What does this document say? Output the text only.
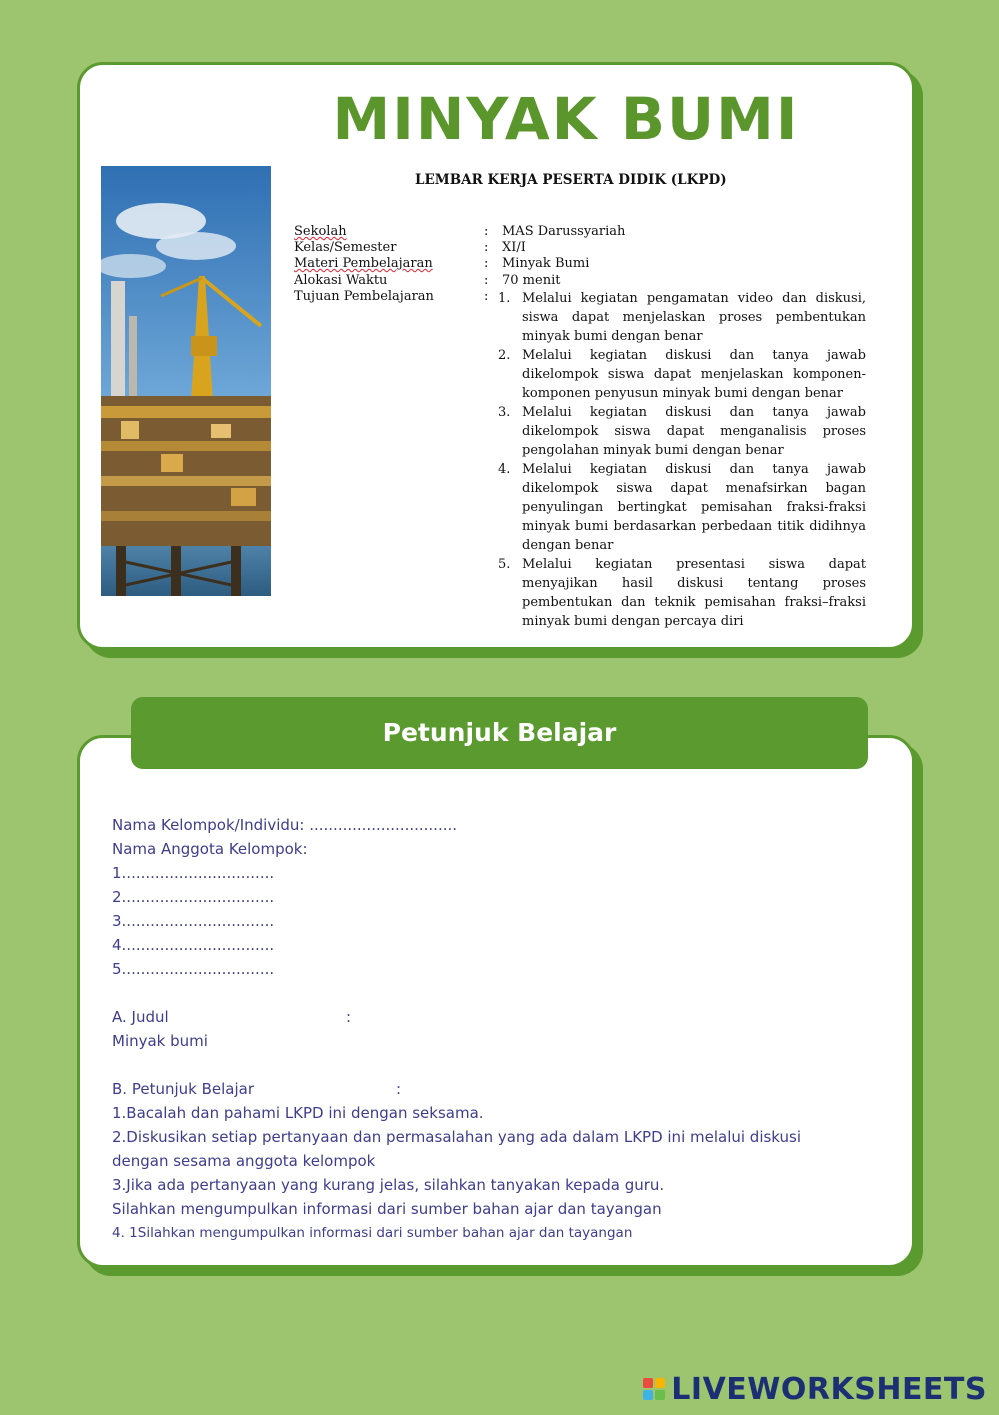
MINYAK BUMI
LEMBAR KERJA PESERTA DIDIK (LKPD)
Sekolah	: MAS Darussyariah
Kelas/Semester	: XI/I
Materi Pembelajaran	: Minyak Bumi
Alokasi Waktu	: 70 menit
Tujuan Pembelajaran	: 1. Melalui kegiatan pengamatan video dan diskusi, siswa dapat menjelaskan proses pembentukan minyak bumi dengan benar
2. Melalui kegiatan diskusi dan tanya jawab dikelompok siswa dapat menjelaskan komponen-komponen penyusun minyak bumi dengan benar
3. Melalui kegiatan diskusi dan tanya jawab dikelompok siswa dapat menganalisis proses pengolahan minyak bumi dengan benar
4. Melalui kegiatan diskusi dan tanya jawab dikelompok siswa dapat menafsirkan bagan penyulingan bertingkat pemisahan fraksi-fraksi minyak bumi berdasarkan perbedaan titik didihnya dengan benar
5. Melalui kegiatan presentasi siswa dapat menyajikan hasil diskusi tentang proses pembentukan dan teknik pemisahan fraksi–fraksi minyak bumi dengan percaya diri
Nama Kelompok/Individu: ...............................
Nama Anggota Kelompok:
1................................
2................................
3................................
4................................
5................................
A. Judul	:
Minyak bumi
B. Petunjuk Belajar	:
1.Bacalah dan pahami LKPD ini dengan seksama.
2.Diskusikan setiap pertanyaan dan permasalahan yang ada dalam LKPD ini melalui diskusi
dengan sesama anggota kelompok
3.Jika ada pertanyaan yang kurang jelas, silahkan tanyakan kepada guru.
Silahkan mengumpulkan informasi dari sumber bahan ajar dan tayangan
4. 1Silahkan mengumpulkan informasi dari sumber bahan ajar dan tayangan
Petunjuk Belajar
LIVEWORKSHEETS
